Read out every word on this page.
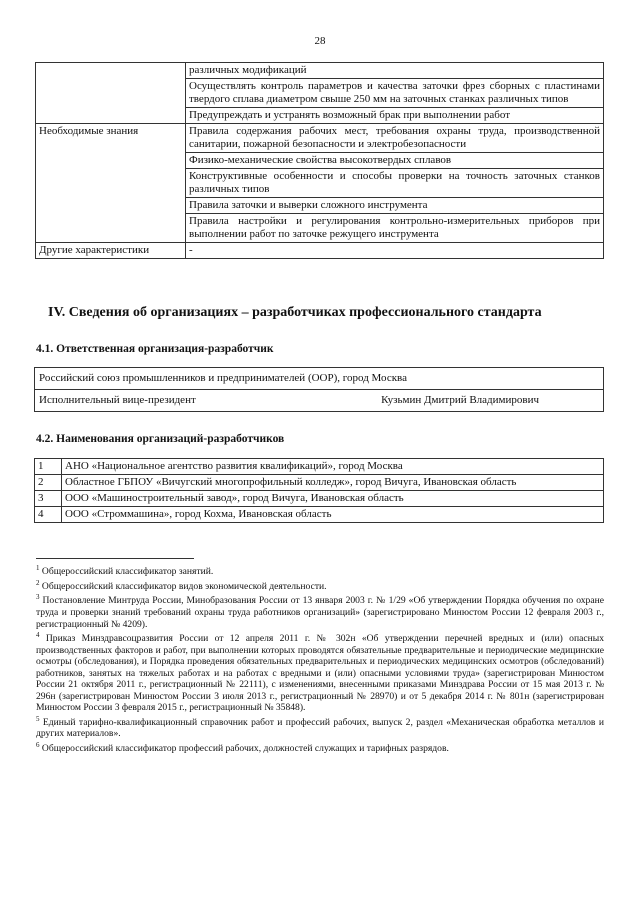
28
	различных модификаций
	Осуществлять контроль параметров и качества заточки фрез сборных с пластинами твердого сплава диаметром свыше 250 мм на заточных станках различных типов
	Предупреждать и устранять возможный брак при выполнении работ
Необходимые знания	Правила содержания рабочих мест, требования охраны труда, производственной санитарии, пожарной безопасности и электробезопасности
	Физико-механические свойства высокотвердых сплавов
	Конструктивные особенности и способы проверки на точность заточных станков различных типов
	Правила заточки и выверки сложного инструмента
	Правила настройки и регулирования контрольно-измерительных приборов при выполнении работ по заточке режущего инструмента
Другие характеристики	-
IV. Сведения об организациях – разработчиках профессионального стандарта
4.1. Ответственная организация-разработчик
Российский союз промышленников и предпринимателей (ООР), город Москва

Исполнительный вице-президент	Кузьмин Дмитрий Владимирович
4.2. Наименования организаций-разработчиков
1	АНО «Национальное агентство развития квалификаций», город Москва
2	Областное ГБПОУ «Вичугский многопрофильный колледж», город Вичуга, Ивановская область
3	ООО «Машиностроительный завод», город Вичуга, Ивановская область
4	ООО «Строммашина», город Кохма, Ивановская область
$^1$ Общероссийский классификатор занятий.
$^2$ Общероссийский классификатор видов экономической деятельности.
$^3$ Постановление Минтруда России, Минобразования России от 13 января 2003 г. № 1/29 «Об утверждении Порядка обучения по охране труда и проверки знаний требований охраны труда работников организаций» (зарегистрировано Минюстом России 12 февраля 2003 г., регистрационный № 4209).
$^4$ Приказ Минздравсоцразвития России от 12 апреля 2011 г. № 302н «Об утверждении перечней вредных и (или) опасных производственных факторов и работ, при выполнении которых проводятся обязательные предварительные и периодические медицинские осмотры (обследования), и Порядка проведения обязательных предварительных и периодических медицинских осмотров (обследований) работников, занятых на тяжелых работах и на работах с вредными и (или) опасными условиями труда» (зарегистрирован Минюстом России 21 октября 2011 г., регистрационный № 22111), с изменениями, внесенными приказами Минздрава России от 15 мая 2013 г. № 296н (зарегистрирован Минюстом России 3 июля 2013 г., регистрационный № 28970) и от 5 декабря 2014 г. № 801н (зарегистрирован Минюстом России 3 февраля 2015 г., регистрационный № 35848).
$^5$ Единый тарифно-квалификационный справочник работ и профессий рабочих, выпуск 2, раздел «Механическая обработка металлов и других материалов».
$^6$ Общероссийский классификатор профессий рабочих, должностей служащих и тарифных разрядов.
